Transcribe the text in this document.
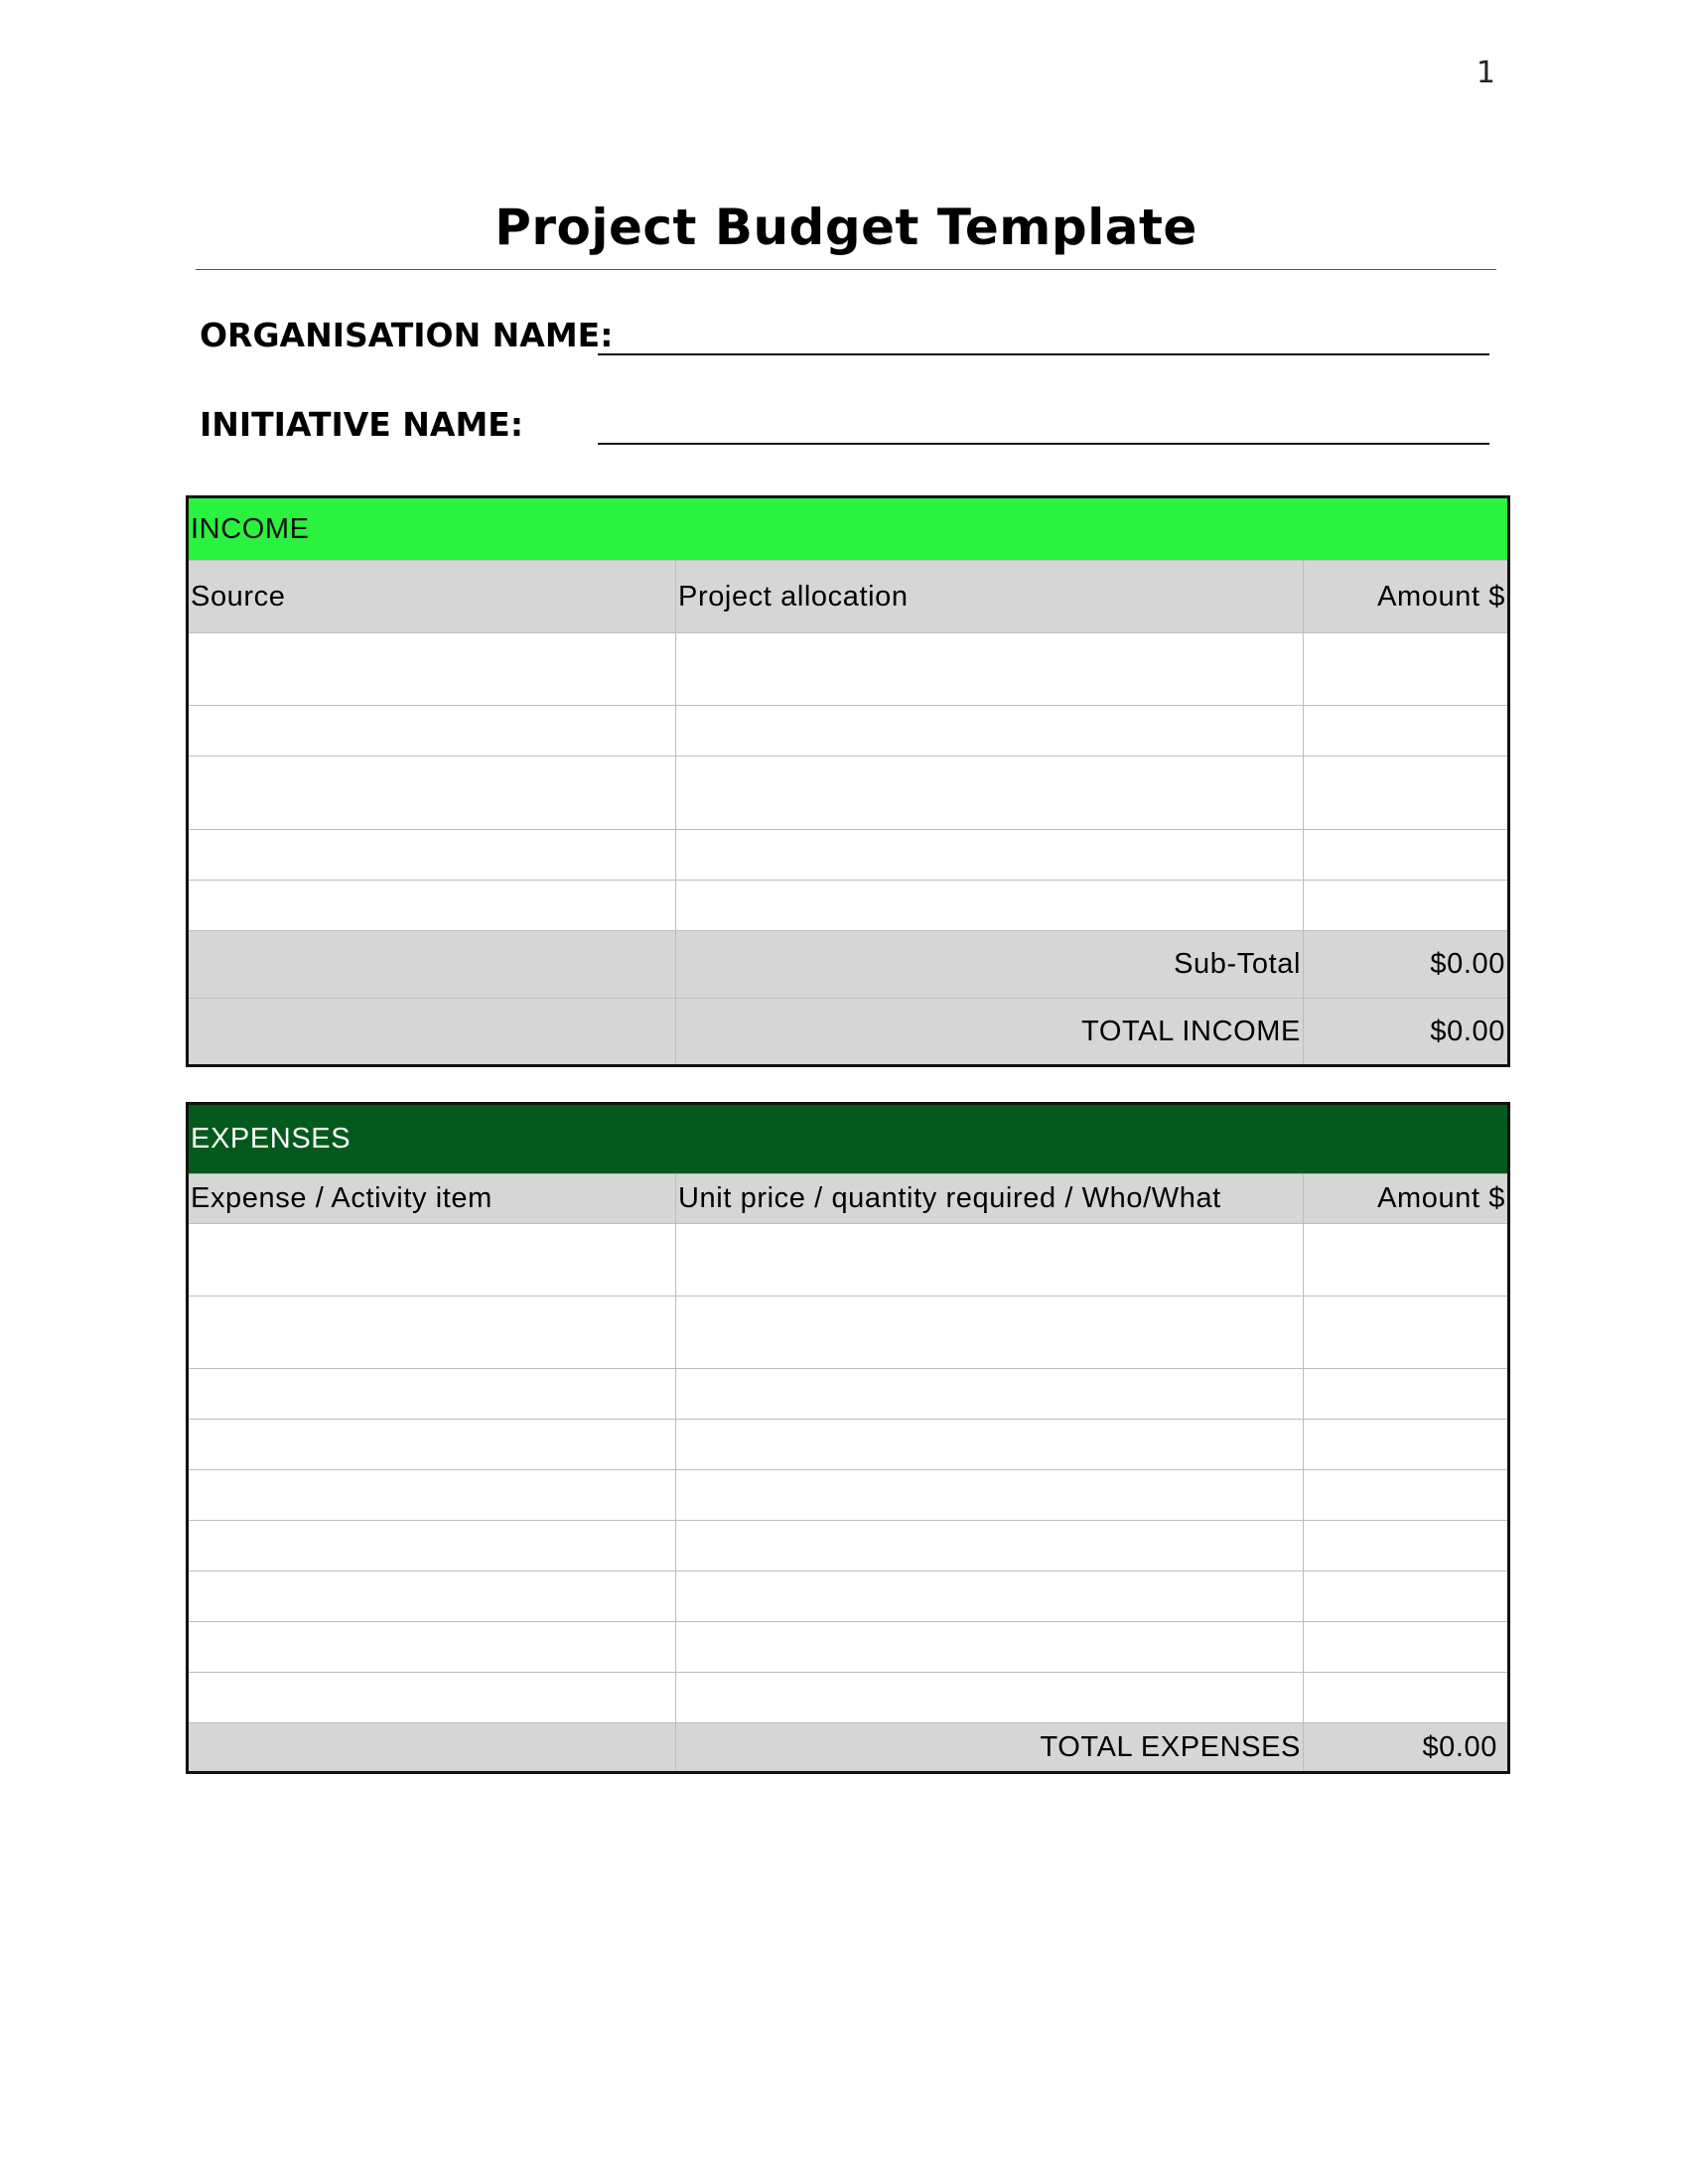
1
Project Budget Template
ORGANISATION NAME:
INITIATIVE NAME:
INCOME		
Source	Project allocation	Amount $

	Sub-Total	$0.00
	TOTAL INCOME	$0.00
EXPENSES		
Expense / Activity item	Unit price / quantity required / Who/What	Amount $

	TOTAL EXPENSES	$0.00
